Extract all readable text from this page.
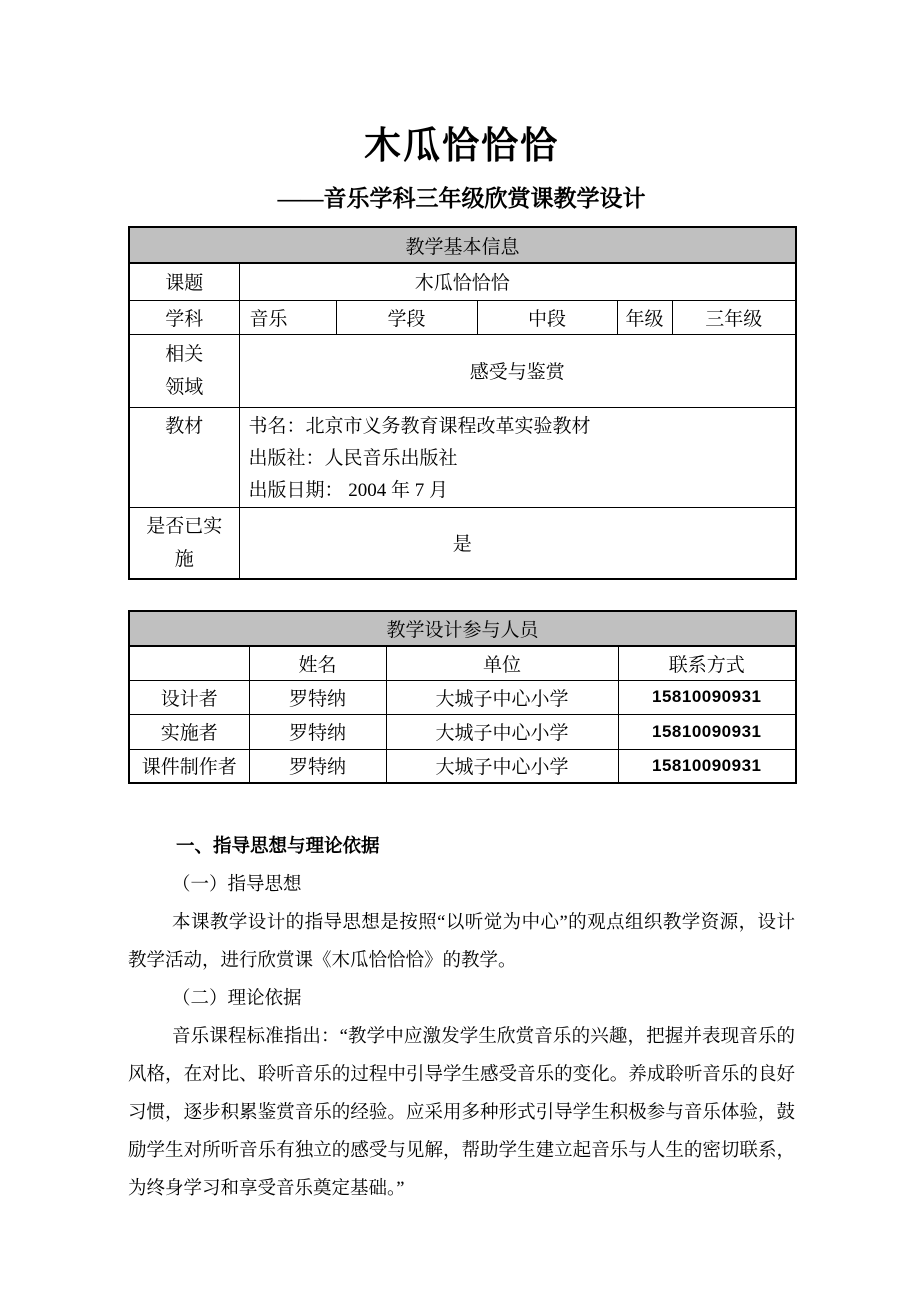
木瓜恰恰恰
——音乐学科三年级欣赏课教学设计
教学基本信息					
课题	木瓜恰恰恰				
学科	音乐	学段	中段	年级	三年级

相关
领域	感受与鉴赏				
教材	书名：北京市义务教育课程改革实验教材
出版社：人民音乐出版社
出版日期： 2004 年 7 月				

是否已实
施	是				
教学设计参与人员			
	姓名	单位	联系方式
设计者	罗特纳	大城子中心小学	15810090931
实施者	罗特纳	大城子中心小学	15810090931
课件制作者	罗特纳	大城子中心小学	15810090931

一、指导思想与理论依据

（一）指导思想

本课教学设计的指导思想是按照“以听觉为中心”的观点组织教学资源，设计教学活动，进行欣赏课《木瓜恰恰恰》的教学。

（二）理论依据

音乐课程标准指出：“教学中应激发学生欣赏音乐的兴趣，把握并表现音乐的风格，在对比、聆听音乐的过程中引导学生感受音乐的变化。养成聆听音乐的良好习惯，逐步积累鉴赏音乐的经验。应采用多种形式引导学生积极参与音乐体验，鼓励学生对所听音乐有独立的感受与见解，帮助学生建立起音乐与人生的密切联系，为终身学习和享受音乐奠定基础。”
